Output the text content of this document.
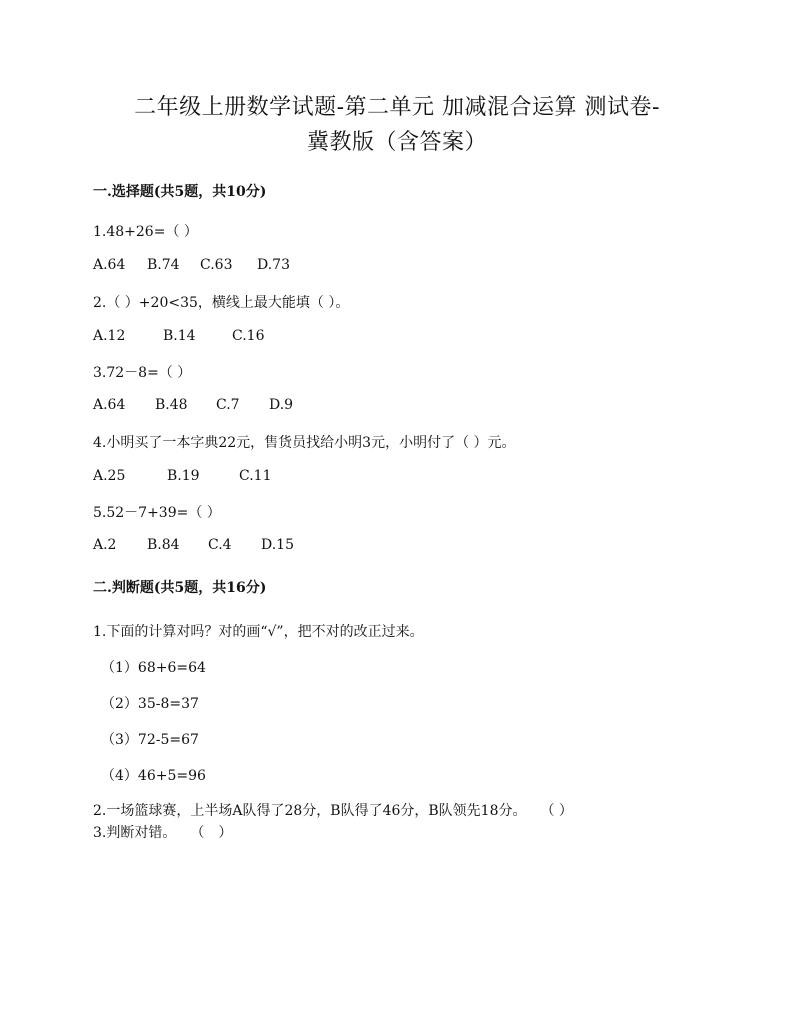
二年级上册数学试题-第二单元 加减混合运算 测试卷-
冀教版（含答案）
一.选择题(共5题，共10分)
1.48+26=（ ）
A.64 B.74 C.63 D.73
2.（ ）+20<35，横线上最大能填（ ）。
A.12	B.14	C.16
3.72－8=（ ）
A.64 B.48 C.7 D.9
4.小明买了一本字典22元，售货员找给小明3元，小明付了（ ）元。
A.25	B.19	C.11
5.52－7+39=（ ）
A.2 B.84 C.4 D.15
二.判断题(共5题，共16分)
1.下面的计算对吗？对的画“√”，把不对的改正过来。
（1）68+6=64
（2）35-8=37
（3）72-5=67
（4）46+5=96
2.一场篮球赛，上半场A队得了28分，B队得了46分，B队领先18分。　　（ ）
3.判断对错。　　（　）
